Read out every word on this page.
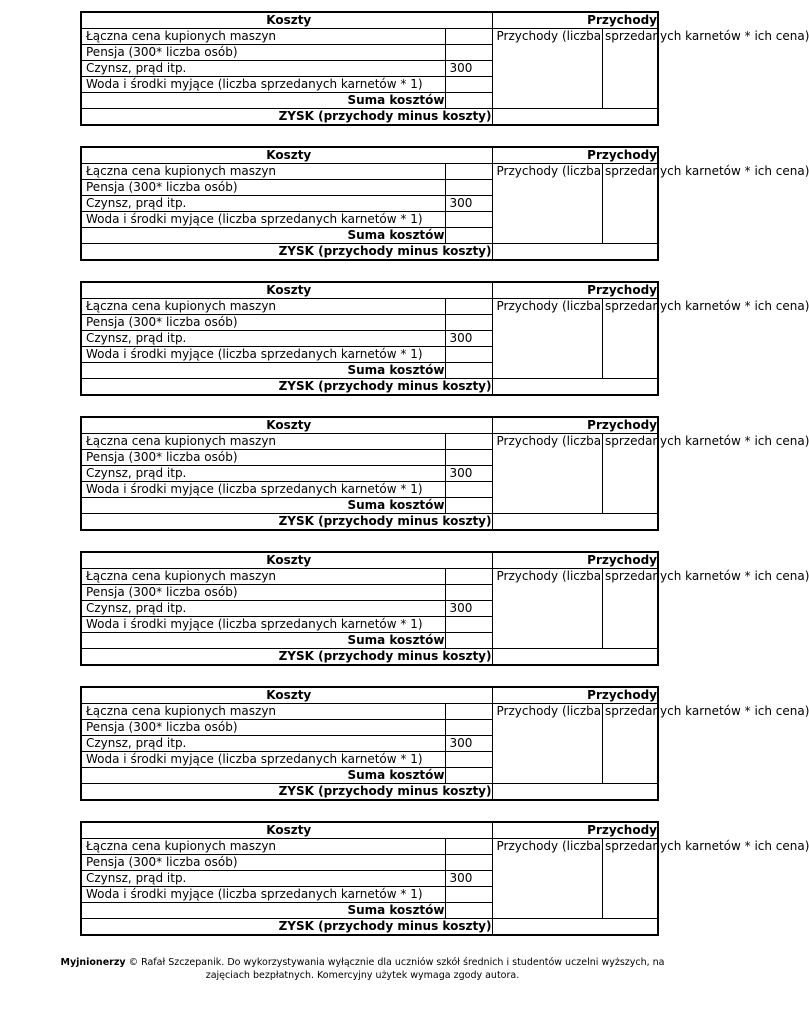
Koszty		Przychody	
Łączna cena kupionych maszyn		Przychody (liczba sprzedanych karnetów * ich cena)	
Pensja (300* liczba osób)			
Czynsz, prąd itp.	300		
Woda i środki myjące (liczba sprzedanych karnetów * 1)			
Suma kosztów			
ZYSK (przychody minus koszty)			
Koszty		Przychody	
Łączna cena kupionych maszyn		Przychody (liczba sprzedanych karnetów * ich cena)	
Pensja (300* liczba osób)			
Czynsz, prąd itp.	300		
Woda i środki myjące (liczba sprzedanych karnetów * 1)			
Suma kosztów			
ZYSK (przychody minus koszty)			
Koszty		Przychody	
Łączna cena kupionych maszyn		Przychody (liczba sprzedanych karnetów * ich cena)	
Pensja (300* liczba osób)			
Czynsz, prąd itp.	300		
Woda i środki myjące (liczba sprzedanych karnetów * 1)			
Suma kosztów			
ZYSK (przychody minus koszty)			
Koszty		Przychody	
Łączna cena kupionych maszyn		Przychody (liczba sprzedanych karnetów * ich cena)	
Pensja (300* liczba osób)			
Czynsz, prąd itp.	300		
Woda i środki myjące (liczba sprzedanych karnetów * 1)			
Suma kosztów			
ZYSK (przychody minus koszty)			
Koszty		Przychody	
Łączna cena kupionych maszyn		Przychody (liczba sprzedanych karnetów * ich cena)	
Pensja (300* liczba osób)			
Czynsz, prąd itp.	300		
Woda i środki myjące (liczba sprzedanych karnetów * 1)			
Suma kosztów			
ZYSK (przychody minus koszty)			
Koszty		Przychody	
Łączna cena kupionych maszyn		Przychody (liczba sprzedanych karnetów * ich cena)	
Pensja (300* liczba osób)			
Czynsz, prąd itp.	300		
Woda i środki myjące (liczba sprzedanych karnetów * 1)			
Suma kosztów			
ZYSK (przychody minus koszty)			
Koszty		Przychody	
Łączna cena kupionych maszyn		Przychody (liczba sprzedanych karnetów * ich cena)	
Pensja (300* liczba osób)			
Czynsz, prąd itp.	300		
Woda i środki myjące (liczba sprzedanych karnetów * 1)			
Suma kosztów			
ZYSK (przychody minus koszty)			
Myjnionerzy © Rafał Szczepanik. Do wykorzystywania wyłącznie dla uczniów szkół średnich i studentów uczelni wyższych, na zajęciach bezpłatnych. Komercyjny użytek wymaga zgody autora.
